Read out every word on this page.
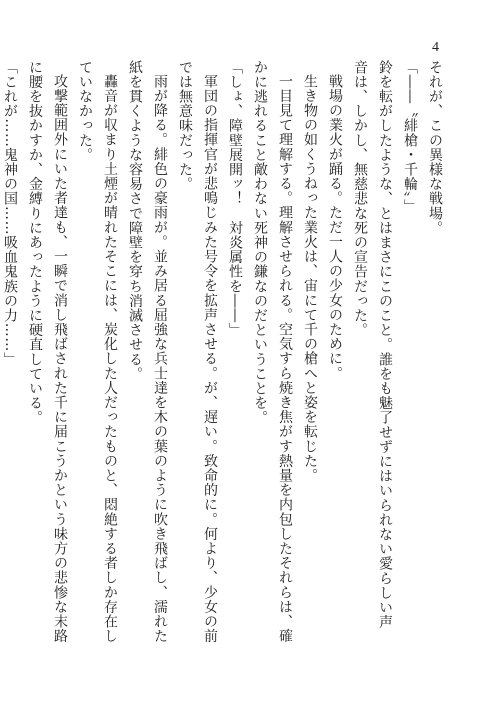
4

それが、この異様な戦場。

「――〝緋槍・千輪〟」

鈴を転がしたような、とはまさにこのこと。誰をも魅了せずにはいられない愛らしい声

音は、しかし、無慈悲な死の宣告だった。

戦場の業火が踊る。ただ一人の少女のために。

生き物の如くうねった業火は、宙にて千の槍へと姿を転じた。

一目見て理解する。理解させられる。空気すら焼き焦がす熱量を内包したそれらは、確

かに逃れること敵わない死神の鎌なのだということを。

「しょ、障壁展開ッ！　対炎属性を――」

軍団の指揮官が悲鳴じみた号令を拡声させる。が、遅い。致命的に。何より、少女の前

では無意味だった。

雨が降る。緋色の豪雨が。並み居る屈強な兵士達を木の葉のように吹き飛ばし、濡れた

紙を貫くような容易さで障壁を穿ち消滅させる。

轟音が収まり土煙が晴れたそこには、炭化した人だったものと、悶絶する者しか存在し

ていなかった。

攻撃範囲外にいた者達も、一瞬で消し飛ばされた千に届こうかという味方の悲惨な末路

に腰を抜かすか、金縛りにあったように硬直している。

「これが……鬼神の国……吸血鬼族の力……」
